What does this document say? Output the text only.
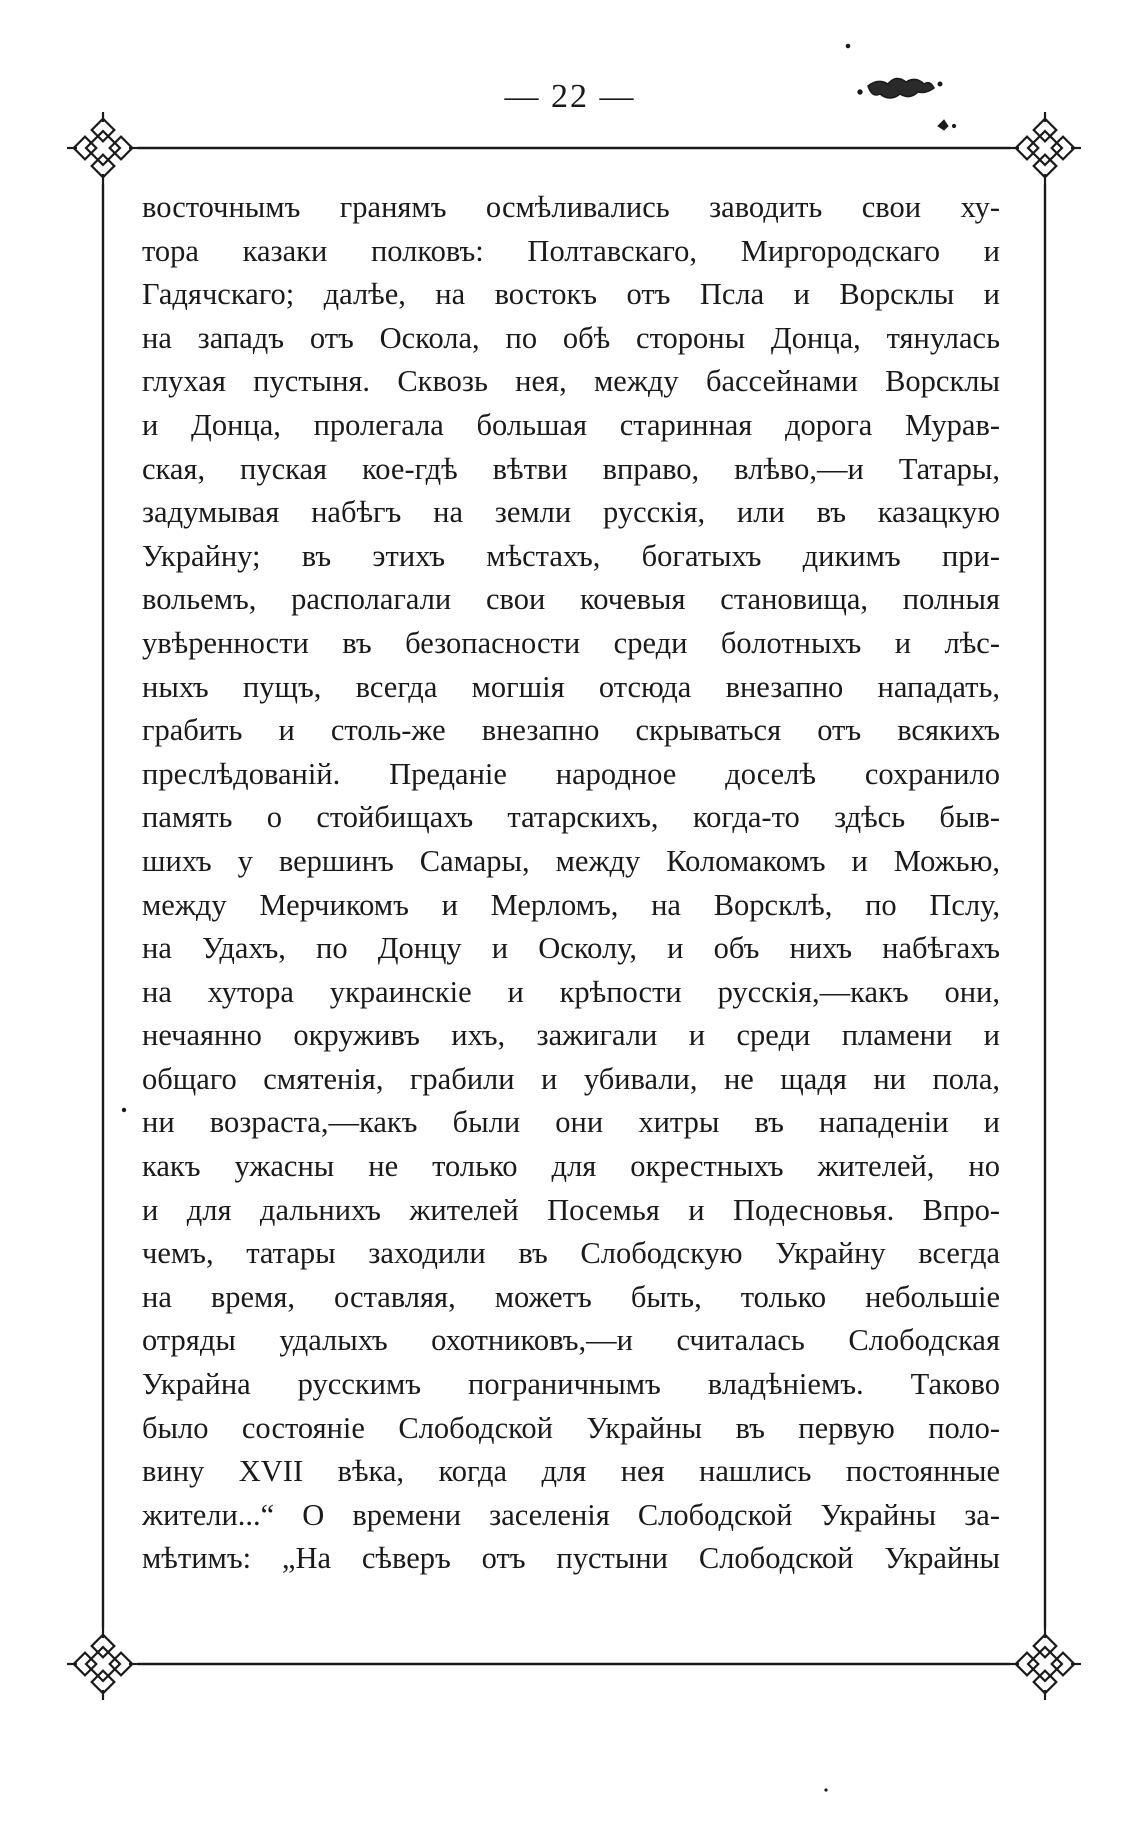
— 22 —
восточнымъ гранямъ осмѣливались заводить свои ху-
тора казаки полковъ: Полтавскаго, Миргородскаго и
Гадячскаго; далѣе, на востокъ отъ Псла и Ворсклы и
на западъ отъ Оскола, по обѣ стороны Донца, тянулась
глухая пустыня. Сквозь нея, между бассейнами Ворсклы
и Донца, пролегала большая старинная дорога Мурав-
ская, пуская кое-гдѣ вѣтви вправо, влѣво,—и Татары,
задумывая набѣгъ на земли русскія, или въ казацкую
Украйну; въ этихъ мѣстахъ, богатыхъ дикимъ при-
вольемъ, располагали свои кочевыя становища, полныя
увѣренности въ безопасности среди болотныхъ и лѣс-
ныхъ пущъ, всегда могшія отсюда внезапно нападать,
грабить и столь-же внезапно скрываться отъ всякихъ
преслѣдованій. Преданіе народное доселѣ сохранило
память о стойбищахъ татарскихъ, когда-то здѣсь быв-
шихъ у вершинъ Самары, между Коломакомъ и Можью,
между Мерчикомъ и Мерломъ, на Ворсклѣ, по Пслу,
на Удахъ, по Донцу и Осколу, и объ нихъ набѣгахъ
на хутора украинскіе и крѣпости русскія,—какъ они,
нечаянно окруживъ ихъ, зажигали и среди пламени и
общаго смятенія, грабили и убивали, не щадя ни пола,
ни возраста,—какъ были они хитры въ нападеніи и
какъ ужасны не только для окрестныхъ жителей, но
и для дальнихъ жителей Посемья и Подесновья. Впро-
чемъ, татары заходили въ Слободскую Украйну всегда
на время, оставляя, можетъ быть, только небольшіе
отряды удалыхъ охотниковъ,—и считалась Слободская
Украйна русскимъ пограничнымъ владѣніемъ. Таково
было состояніе Слободской Украйны въ первую поло-
вину XVII вѣка, когда для нея нашлись постоянные
жители...“ О времени заселенія Слободской Украйны за-
мѣтимъ: „На сѣверъ отъ пустыни Слободской Украйны
